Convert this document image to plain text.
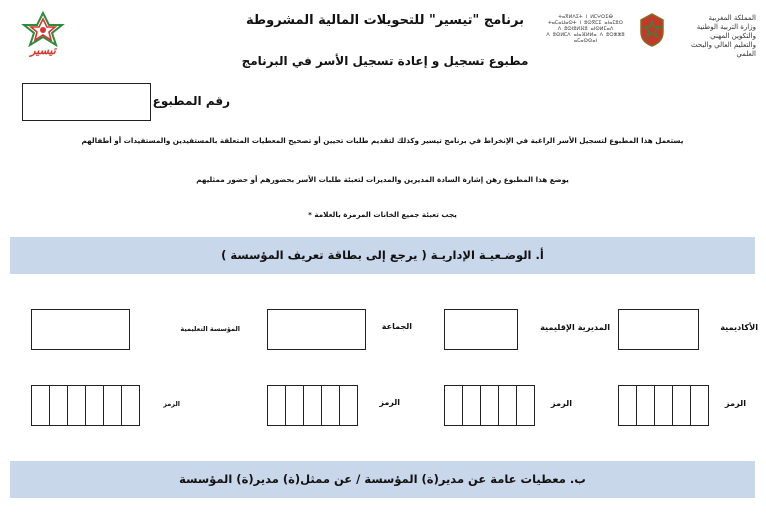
تيسير
برنامج "تيسير" للتحويلات المالية المشروطة
مطبوع تسجيل و إعادة تسجيل الأسر في البرنامج
ⵜⴰⴳⵍⴷⵉⵜ ⵏ ⵍⵎⵖⵔⵉⴱ
ⵜⴰⵎⴰⵡⴰⵙⵜ ⵏ ⵓⵙⴳⵎⵉ ⴰⵏⴰⵎⵓⵔ
ⴷ ⵓⵙⵏⵓⵍⴼⵓ ⴰⵏⵙⵍⵎⴰⴷ
ⴷ ⵓⵙⵍⵎⴷ ⴰⵏⴰⴼⵍⵍⴰ ⴷ ⵓⵔⵣⵣⵓ ⴰⵎⴰⵙⵙⴰⵏ
المملكة المغربية
وزارة التربية الوطنية
والتكوين المهني
والتعليم العالي والبحث العلمي
رقم المطبوع
يستعمل هذا المطبوع لتسجيل الأسر الراغبة في الإنخراط في برنامج تيسير وكذلك لتقديم طلبات تحيين أو تصحيح المعطيات المتعلقة بالمستفيدين والمستفيدات أو أطفالهم
يوضع هذا المطبوع رهن إشارة السادة المديرين والمديرات لتعبئة طلبات الأسر بحضورهم أو حضور ممثليهم
يجب تعبئة جميع الخانات المرمزة بالعلامة *
أ. الوضـعيـة الإداريـة ( يرجع إلى بطاقة تعريف المؤسسة )
المؤسسة التعليمية	الجماعة	المديرية الإقليمية	الأكاديمية
الرمز	الرمز	الرمز	الرمز
ب. معطيات عامة عن مدير(ة) المؤسسة / عن ممثل(ة) مدير(ة) المؤسسة
